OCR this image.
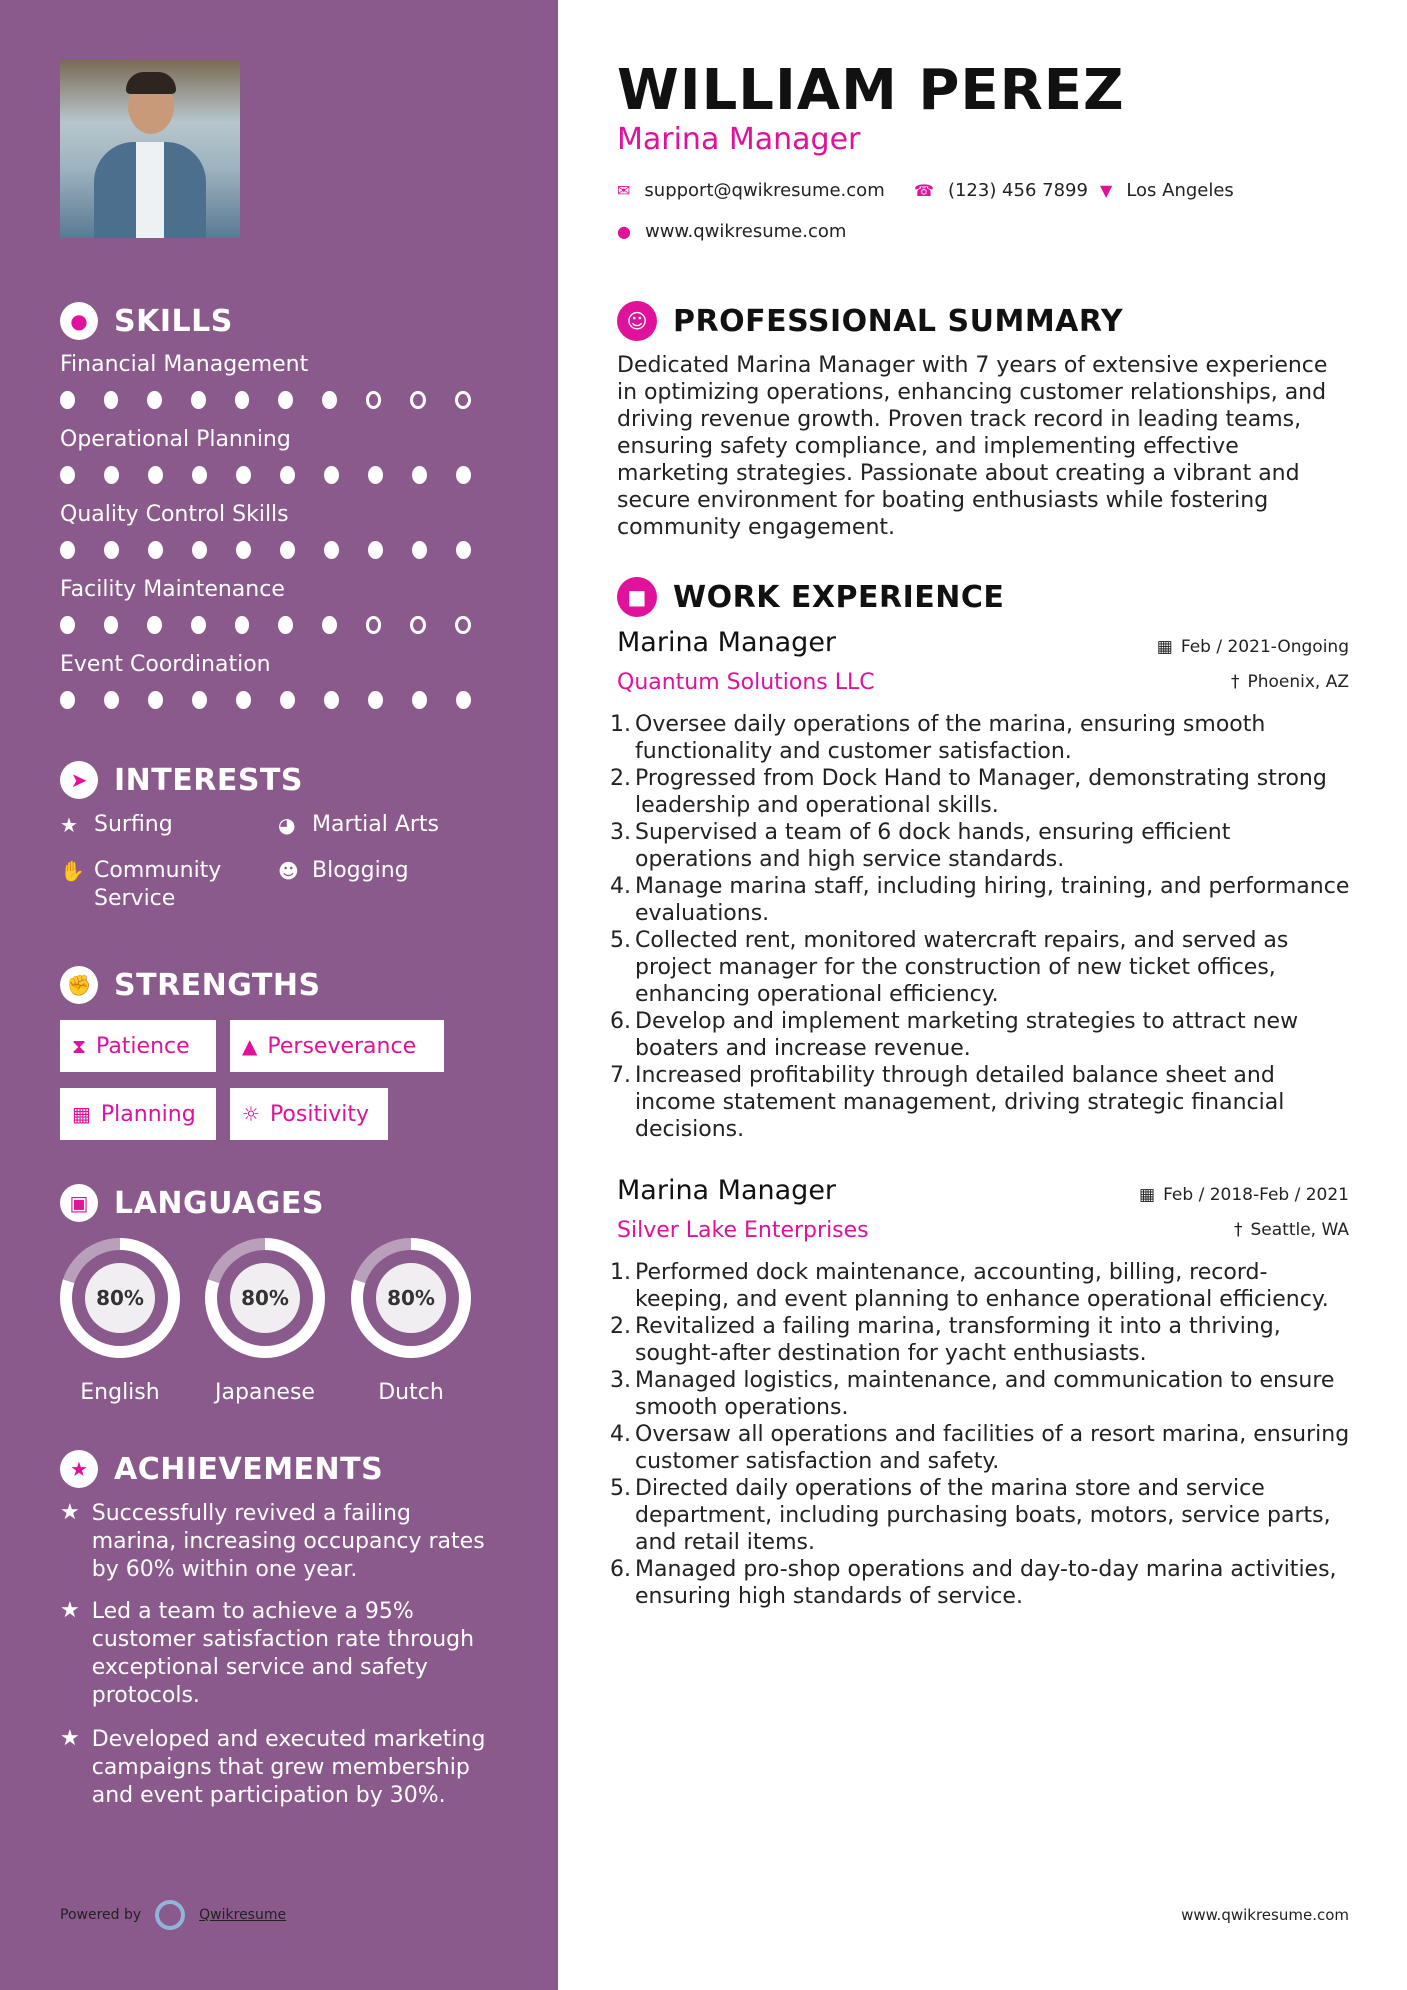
● SKILLS
Financial Management
Operational Planning
Quality Control Skills
Facility Maintenance
Event Coordination
➤ INTERESTS
★ Surfing	◕ Martial Arts
✋ Community Service
☻ Blogging
✊ STRENGTHS
⧗ Patience	▲ Perseverance
▦ Planning ☼ Positivity
▣ LANGUAGES
80%
English
80%
Japanese
80%
Dutch
★ ACHIEVEMENTS
★ Successfully revived a failing marina, increasing occupancy rates by 60% within one year.
★ Led a team to achieve a 95% customer satisfaction rate through exceptional service and safety protocols.
★ Developed and executed marketing campaigns that grew membership and event participation by 30%.
Powered by	Qwikresume
WILLIAM PEREZ
Marina Manager
✉ support@qwikresume.com ☎ (123) 456 7899 ▼ Los Angeles
● www.qwikresume.com
☺ PROFESSIONAL SUMMARY
Dedicated Marina Manager with 7 years of extensive experience in optimizing operations, enhancing customer relationships, and driving revenue growth. Proven track record in leading teams, ensuring safety compliance, and implementing effective marketing strategies. Passionate about creating a vibrant and secure environment for boating enthusiasts while fostering community engagement.
■ WORK EXPERIENCE
Marina Manager	▦ Feb / 2021-Ongoing
Quantum Solutions LLC	† Phoenix, AZ
1. Oversee daily operations of the marina, ensuring smooth functionality and customer satisfaction.
2. Progressed from Dock Hand to Manager, demonstrating strong leadership and operational skills.
3. Supervised a team of 6 dock hands, ensuring efficient operations and high service standards.
4. Manage marina staff, including hiring, training, and performance evaluations.
5. Collected rent, monitored watercraft repairs, and served as project manager for the construction of new ticket offices, enhancing operational efficiency.
6. Develop and implement marketing strategies to attract new boaters and increase revenue.
7. Increased profitability through detailed balance sheet and income statement management, driving strategic financial decisions.
Marina Manager	▦ Feb / 2018-Feb / 2021
Silver Lake Enterprises	† Seattle, WA
1. Performed dock maintenance, accounting, billing, record-keeping, and event planning to enhance operational efficiency.
2. Revitalized a failing marina, transforming it into a thriving, sought-after destination for yacht enthusiasts.
3. Managed logistics, maintenance, and communication to ensure smooth operations.
4. Oversaw all operations and facilities of a resort marina, ensuring customer satisfaction and safety.
5. Directed daily operations of the marina store and service department, including purchasing boats, motors, service parts, and retail items.
6. Managed pro-shop operations and day-to-day marina activities, ensuring high standards of service.
www.qwikresume.com
